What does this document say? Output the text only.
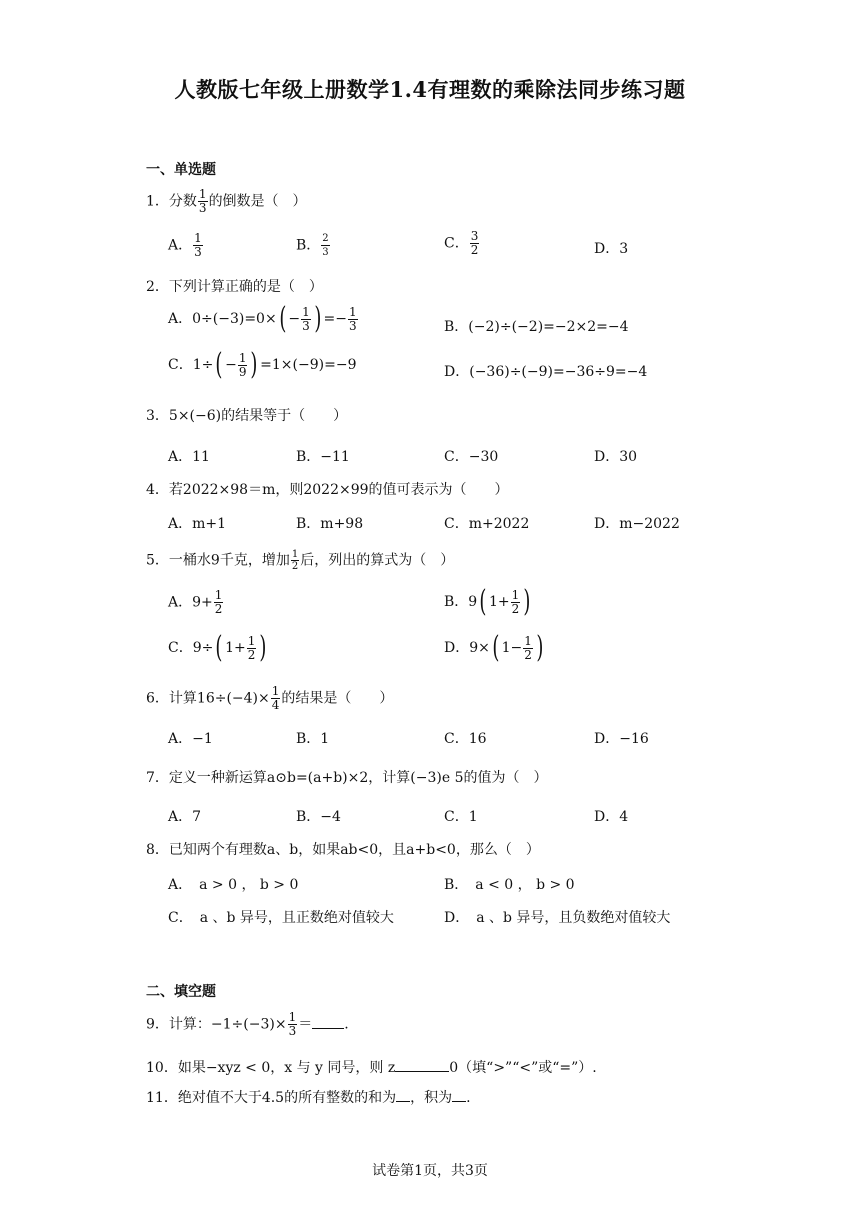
人教版七年级上册数学1.4有理数的乘除法同步练习题
一、单选题
1．分数 $\frac{1}{3}$ 的倒数是（　）
A． $\frac{1}{3}$	B． $\frac{2}{3}$	C． $\frac{3}{2}$	D．3
2．下列计算正确的是（　）
A．$0\div(-3)=0\times( - \frac{1}{3}$ ) =− $\frac{1}{3}$	B．(−2)÷(−2)=−2×2=−4
C．$1\div( - \frac{1}{9}$ ) =1×(−9)=−9	D．(−36)÷(−9)=−36÷9=−4
3．5×(−6)的结果等于（　　）
A．11	B．−11	C．−30	D．30
4．若2022×98＝m，则2022×99的值可表示为（　　）
A．m+1	B．m+98	C．m+2022	D．m−2022
5．一桶水9千克，增加 $\frac{1}{2}$ 后，列出的算式为（　）
A．$9+ \frac{1}{2}$	B．9( $1+ \frac{1}{2}$ )
C．9÷( $1+ \frac{1}{2}$ )	D．9×( $1- \frac{1}{2}$ )
6．计算$16\div(-4)\times \frac{1}{4}$ 的结果是（　　）
A．−1	B．1	C．16	D．−16
7．定义一种新运算a⊙b=(a+b)×2，计算(−3)e 5的值为（　）
A．7	B．−4	C．1	D．4
8．已知两个有理数a、b，如果ab<0，且a+b<0，那么（　）
A．　a > 0 ， b > 0	B．　a < 0 ， b > 0
C．　a 、b 异号，且正数绝对值较大	D．　a 、b 异号，且负数绝对值较大
二、填空题
9．计算：$-1\div(-3)\times \frac{1}{3}$ ＝ .
10．如果−xyz < 0，x 与 y 同号，则 z	0（填“>”“<”或“=”）.
11．绝对值不大于4.5的所有整数的和为 ，积为 .
试卷第1页，共3页
